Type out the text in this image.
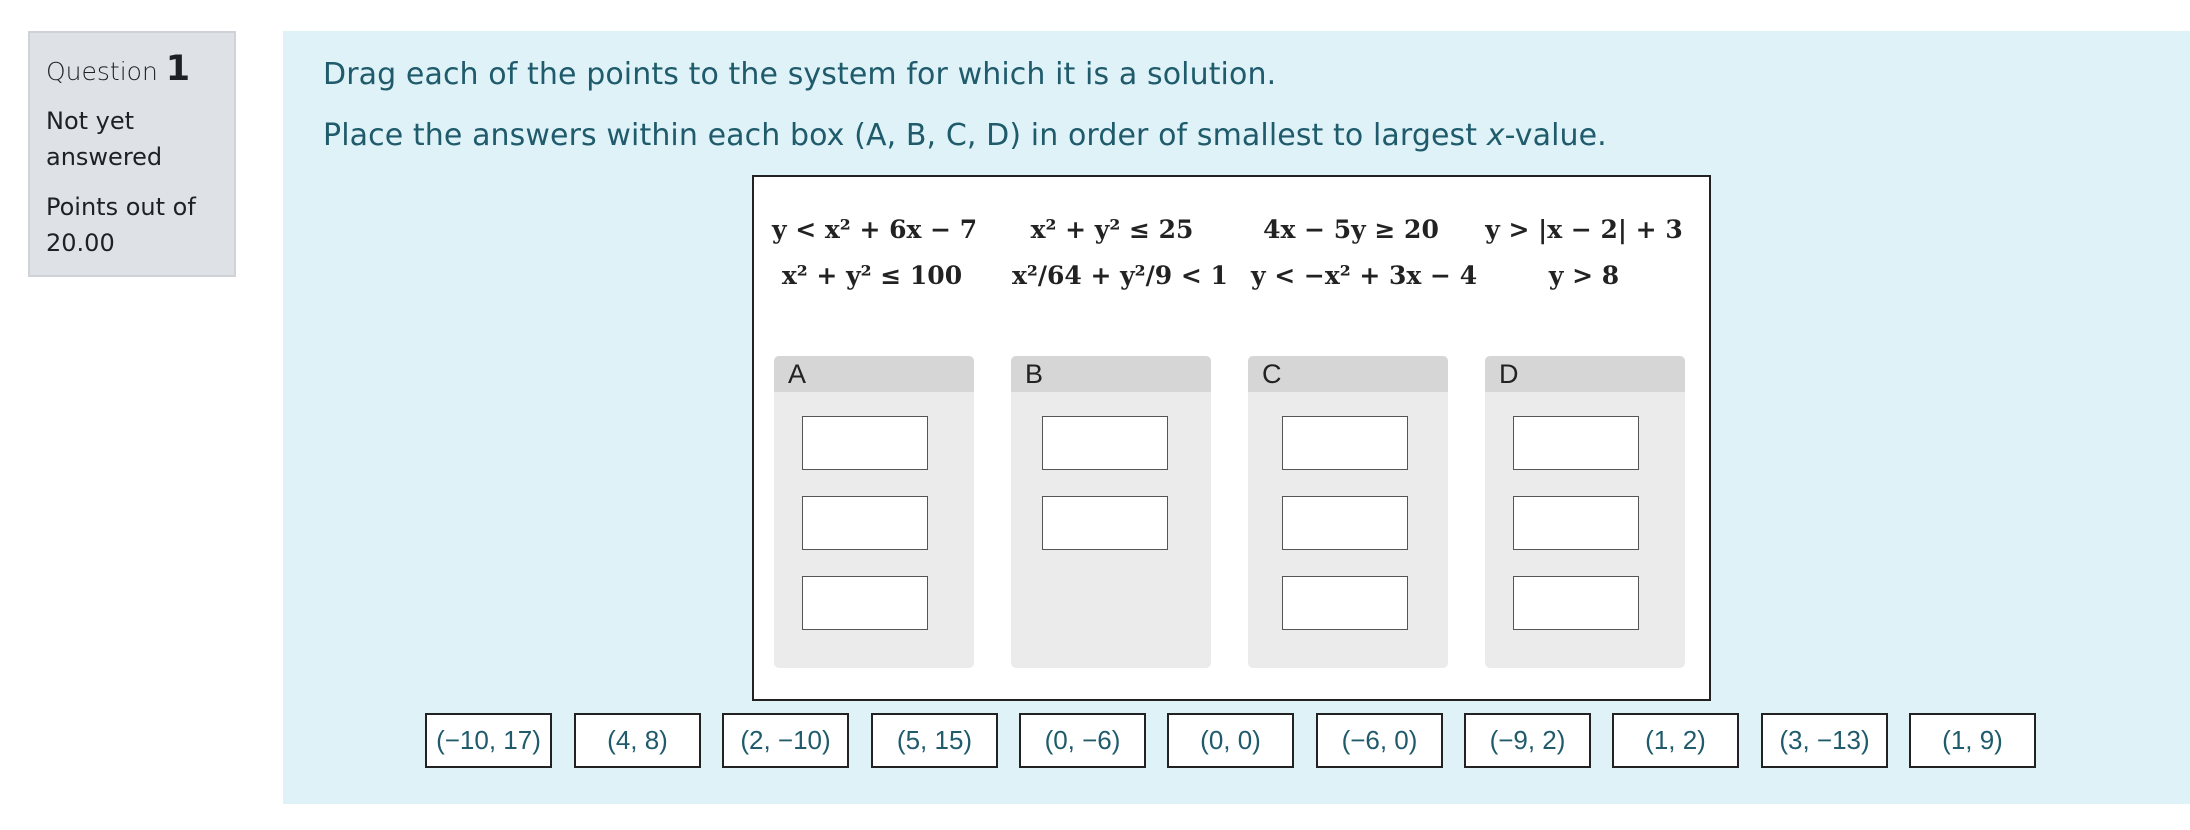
Question 1
Not yet
answered
Points out of
20.00
Drag each of the points to the system for which it is a solution.
Place the answers within each box (A, B, C, D) in order of smallest to largest x-value.
y < x² + 6x − 7
x² + y² ≤ 100
x² + y² ≤ 25
x²/64 + y²/9 < 1
4x − 5y ≥ 20
y < −x² + 3x − 4
y > |x − 2| + 3
y > 8
A	B	C	D
(−10, 17)	(4, 8)	(2, −10)	(5, 15)	(0, −6)	(0, 0)	(−6, 0)	(−9, 2)	(1, 2)	(3, −13)	(1, 9)
